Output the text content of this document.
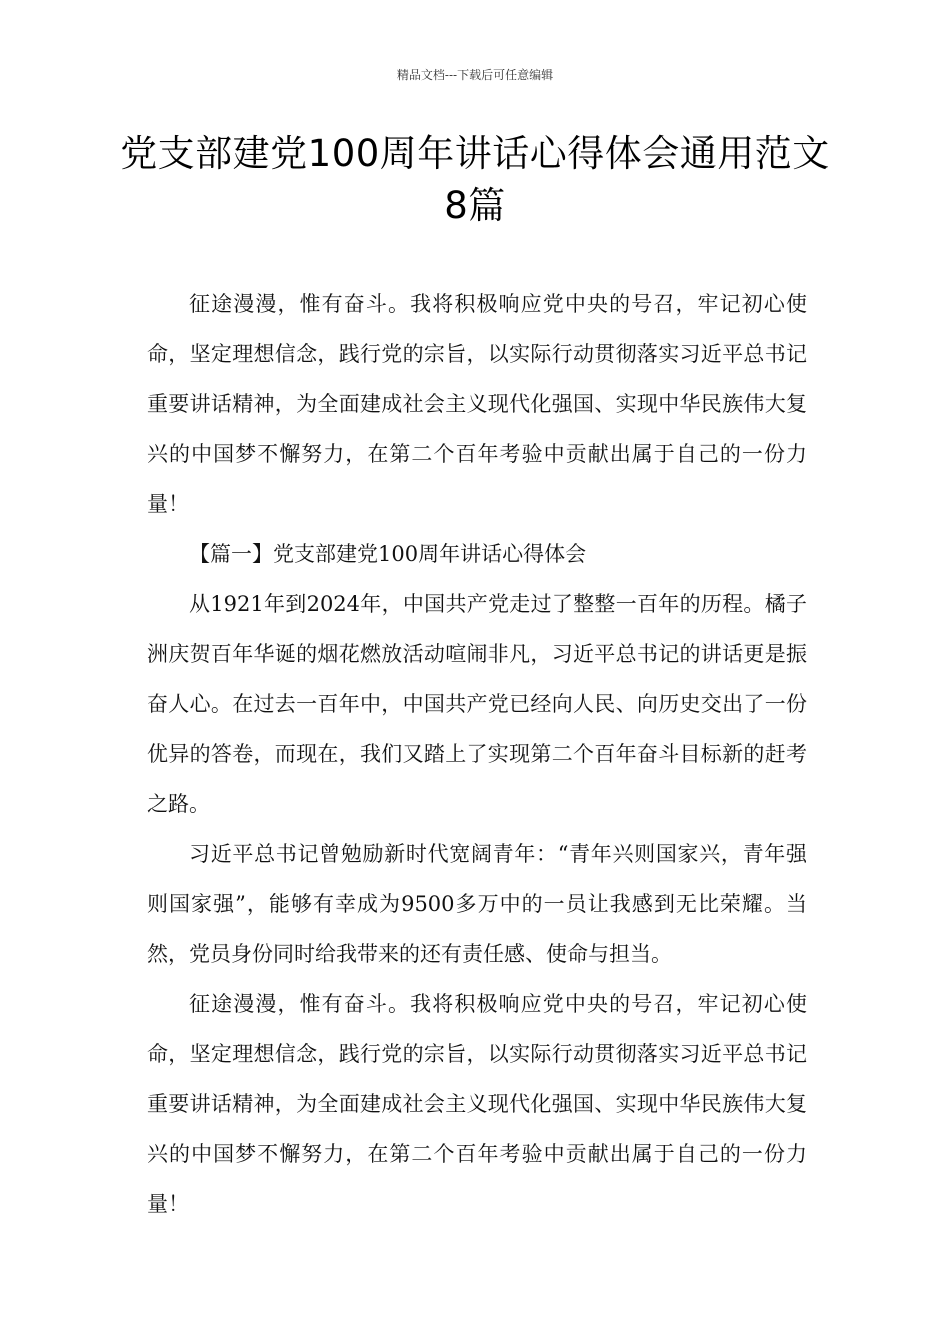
精品文档---下载后可任意编辑
党支部建党100周年讲话心得体会通用范文8篇

征途漫漫，惟有奋斗。我将积极响应党中央的号召，牢记初心使命，坚定理想信念，践行党的宗旨，以实际行动贯彻落实习近平总书记重要讲话精神，为全面建成社会主义现代化强国、实现中华民族伟大复兴的中国梦不懈努力，在第二个百年考验中贡献出属于自己的一份力量！

【篇一】党支部建党100周年讲话心得体会

从1921年到2024年，中国共产党走过了整整一百年的历程。橘子洲庆贺百年华诞的烟花燃放活动喧闹非凡，习近平总书记的讲话更是振奋人心。在过去一百年中，中国共产党已经向人民、向历史交出了一份优异的答卷，而现在，我们又踏上了实现第二个百年奋斗目标新的赶考之路。

习近平总书记曾勉励新时代宽阔青年：“青年兴则国家兴，青年强则国家强”，能够有幸成为9500多万中的一员让我感到无比荣耀。当然，党员身份同时给我带来的还有责任感、使命与担当。

征途漫漫，惟有奋斗。我将积极响应党中央的号召，牢记初心使命，坚定理想信念，践行党的宗旨，以实际行动贯彻落实习近平总书记重要讲话精神，为全面建成社会主义现代化强国、实现中华民族伟大复兴的中国梦不懈努力，在第二个百年考验中贡献出属于自己的一份力量！
